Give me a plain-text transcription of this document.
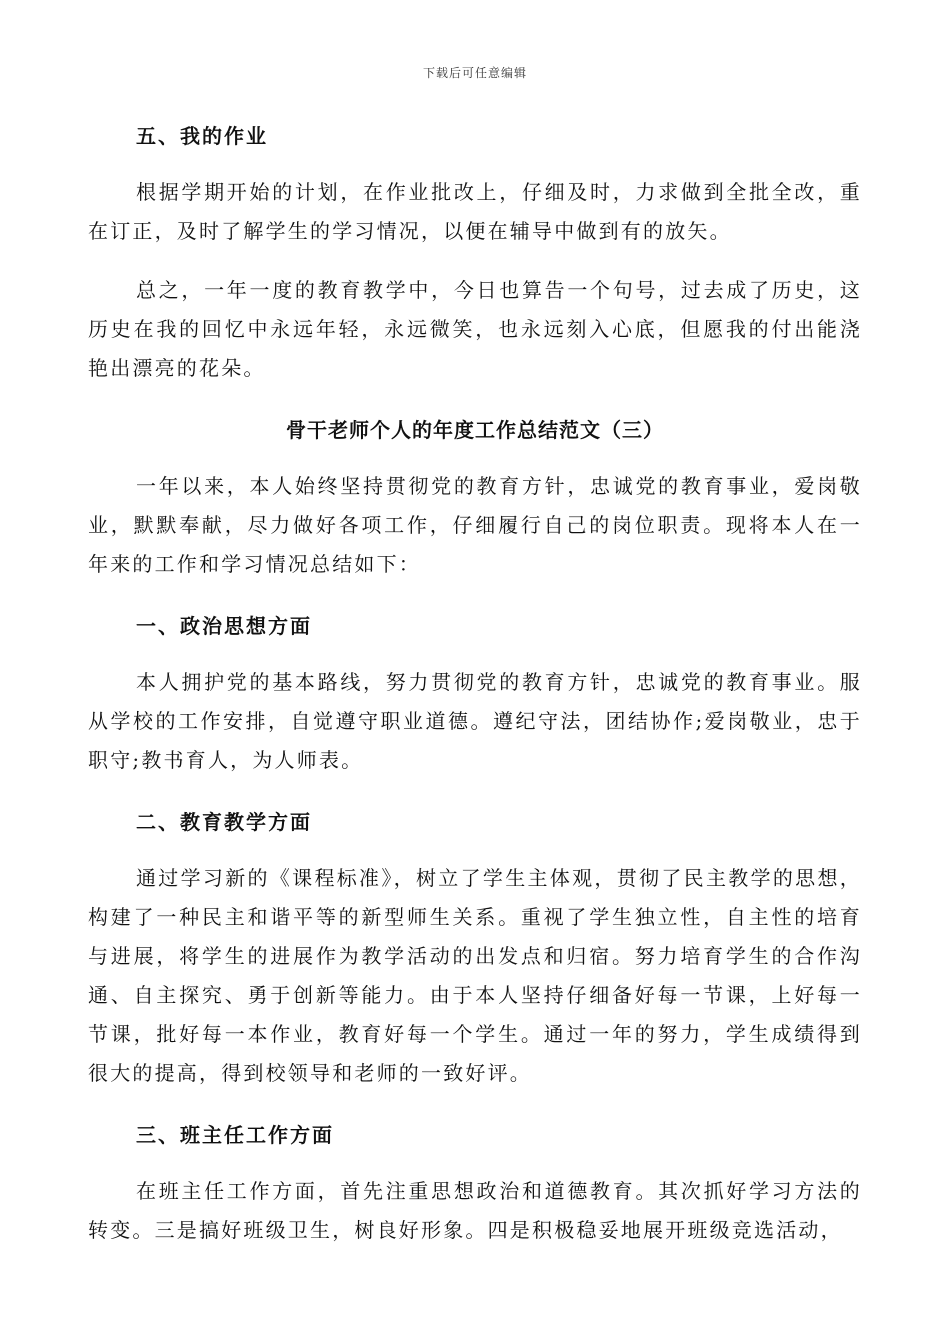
下载后可任意编辑

五、我的作业

根据学期开始的计划，在作业批改上，仔细及时，力求做到全批全改，重在订正，及时了解学生的学习情况，以便在辅导中做到有的放矢。

总之，一年一度的教育教学中，今日也算告一个句号，过去成了历史，这历史在我的回忆中永远年轻，永远微笑，也永远刻入心底，但愿我的付出能浇艳出漂亮的花朵。

骨干老师个人的年度工作总结范文（三）

一年以来，本人始终坚持贯彻党的教育方针，忠诚党的教育事业，爱岗敬业，默默奉献，尽力做好各项工作，仔细履行自己的岗位职责。现将本人在一年来的工作和学习情况总结如下：

一、政治思想方面

本人拥护党的基本路线，努力贯彻党的教育方针，忠诚党的教育事业。服从学校的工作安排，自觉遵守职业道德。遵纪守法，团结协作;爱岗敬业，忠于职守;教书育人，为人师表。

二、教育教学方面

通过学习新的《课程标准》，树立了学生主体观，贯彻了民主教学的思想，构建了一种民主和谐平等的新型师生关系。重视了学生独立性，自主性的培育与进展，将学生的进展作为教学活动的出发点和归宿。努力培育学生的合作沟通、自主探究、勇于创新等能力。由于本人坚持仔细备好每一节课，上好每一节课，批好每一本作业，教育好每一个学生。通过一年的努力，学生成绩得到很大的提高，得到校领导和老师的一致好评。

三、班主任工作方面

在班主任工作方面，首先注重思想政治和道德教育。其次抓好学习方法的转变。三是搞好班级卫生，树良好形象。四是积极稳妥地展开班级竞选活动，
